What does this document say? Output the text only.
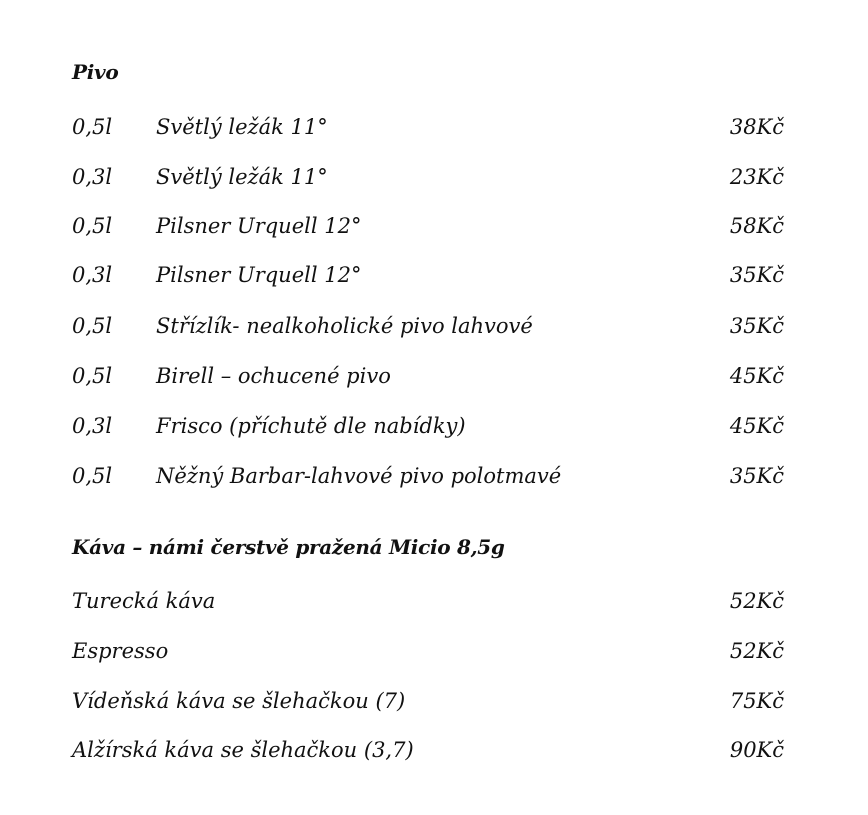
Pivo
0,5l Světlý ležák 11°	38Kč
0,3l Světlý ležák 11°	23Kč
0,5l Pilsner Urquell 12°	58Kč
0,3l Pilsner Urquell 12°	35Kč
0,5l Střízlík- nealkoholické pivo lahvové	35Kč
0,5l Birell – ochucené pivo	45Kč
0,3l Frisco (příchutě dle nabídky)	45Kč
0,5l Něžný Barbar-lahvové pivo polotmavé	35Kč
Káva – námi čerstvě pražená Micio 8,5g
Turecká káva	52Kč
Espresso	52Kč
Vídeňská káva se šlehačkou (7)	75Kč
Alžírská káva se šlehačkou (3,7)	90Kč
